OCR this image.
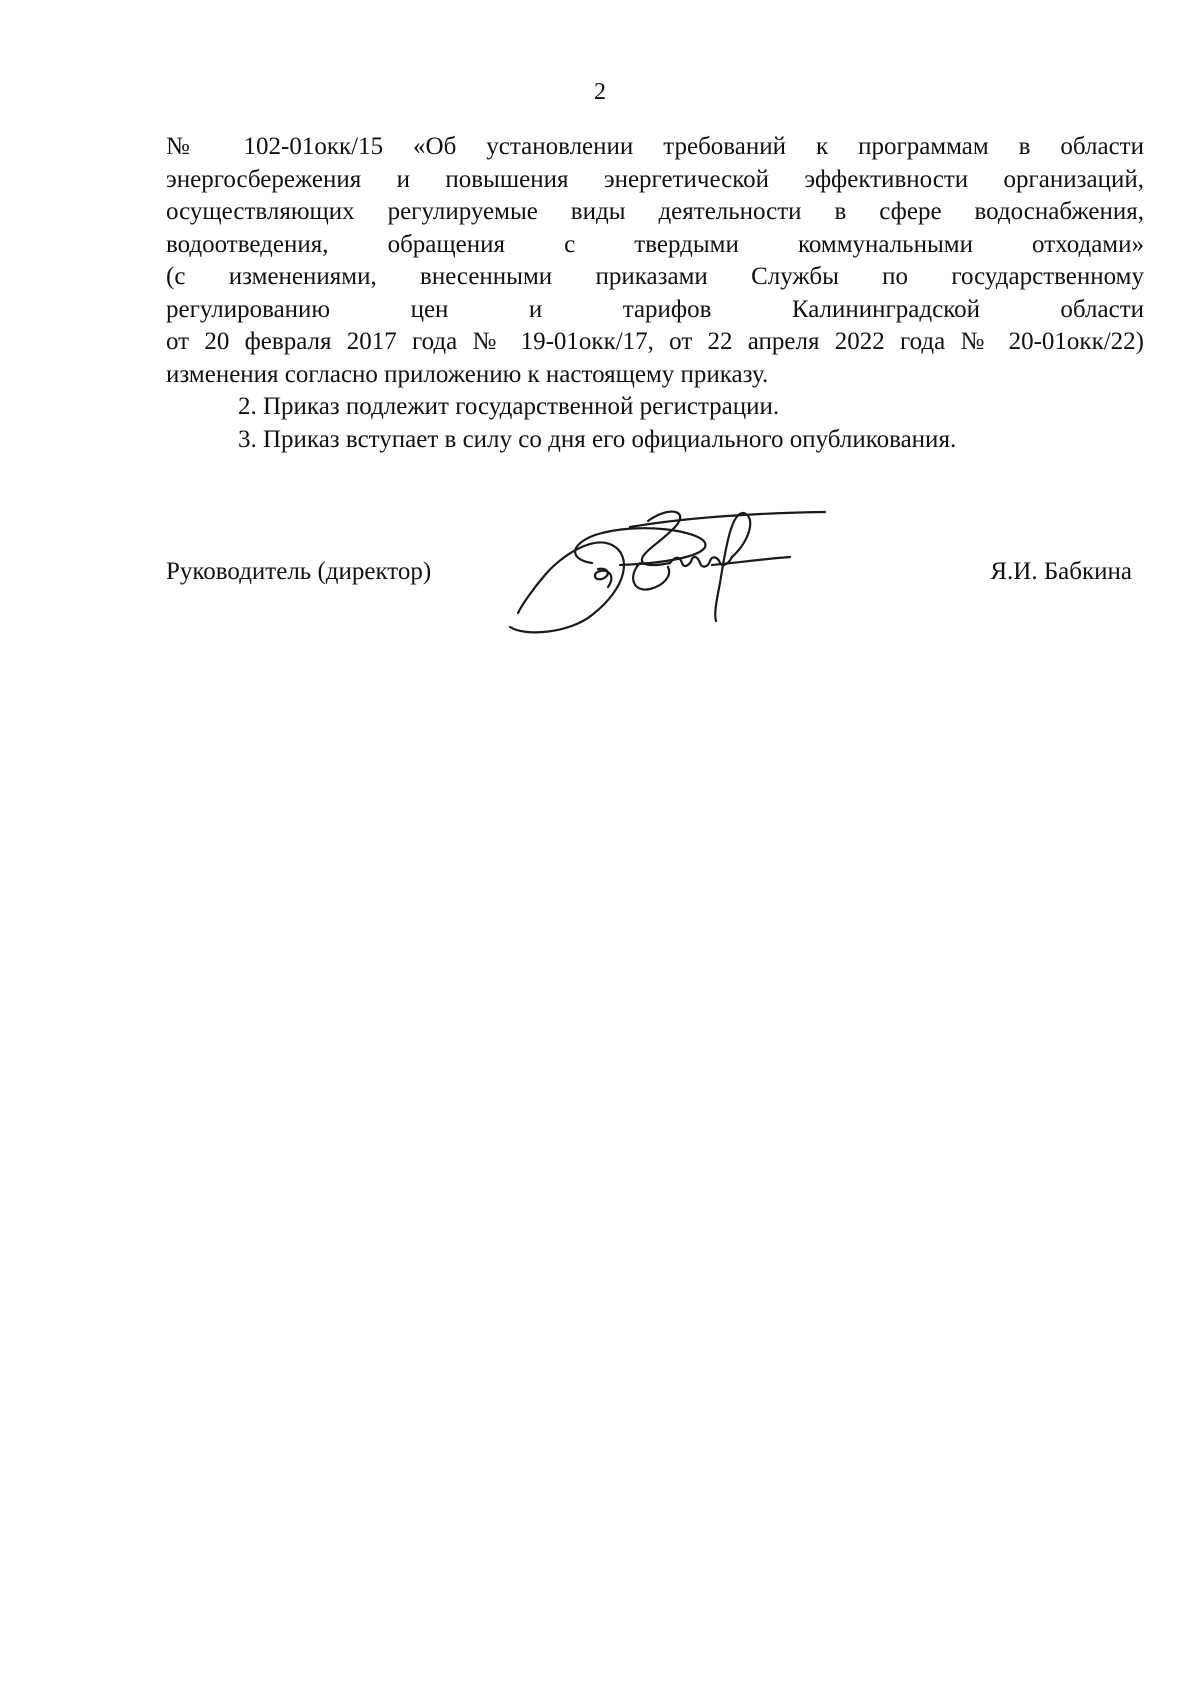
2
№ 102-01окк/15 «Об установлении требований к программам в области
энергосбережения и повышения энергетической эффективности организаций,
осуществляющих регулируемые виды деятельности в сфере водоснабжения,
водоотведения, обращения с твердыми коммунальными отходами»
(с изменениями, внесенными приказами Службы по государственному
регулированию цен и тарифов Калининградской области
от 20 февраля 2017 года № 19-01окк/17, от 22 апреля 2022 года № 20-01окк/22)
изменения согласно приложению к настоящему приказу.
2. Приказ подлежит государственной регистрации.
3. Приказ вступает в силу со дня его официального опубликования.
Руководитель (директор)	Я.И. Бабкина
